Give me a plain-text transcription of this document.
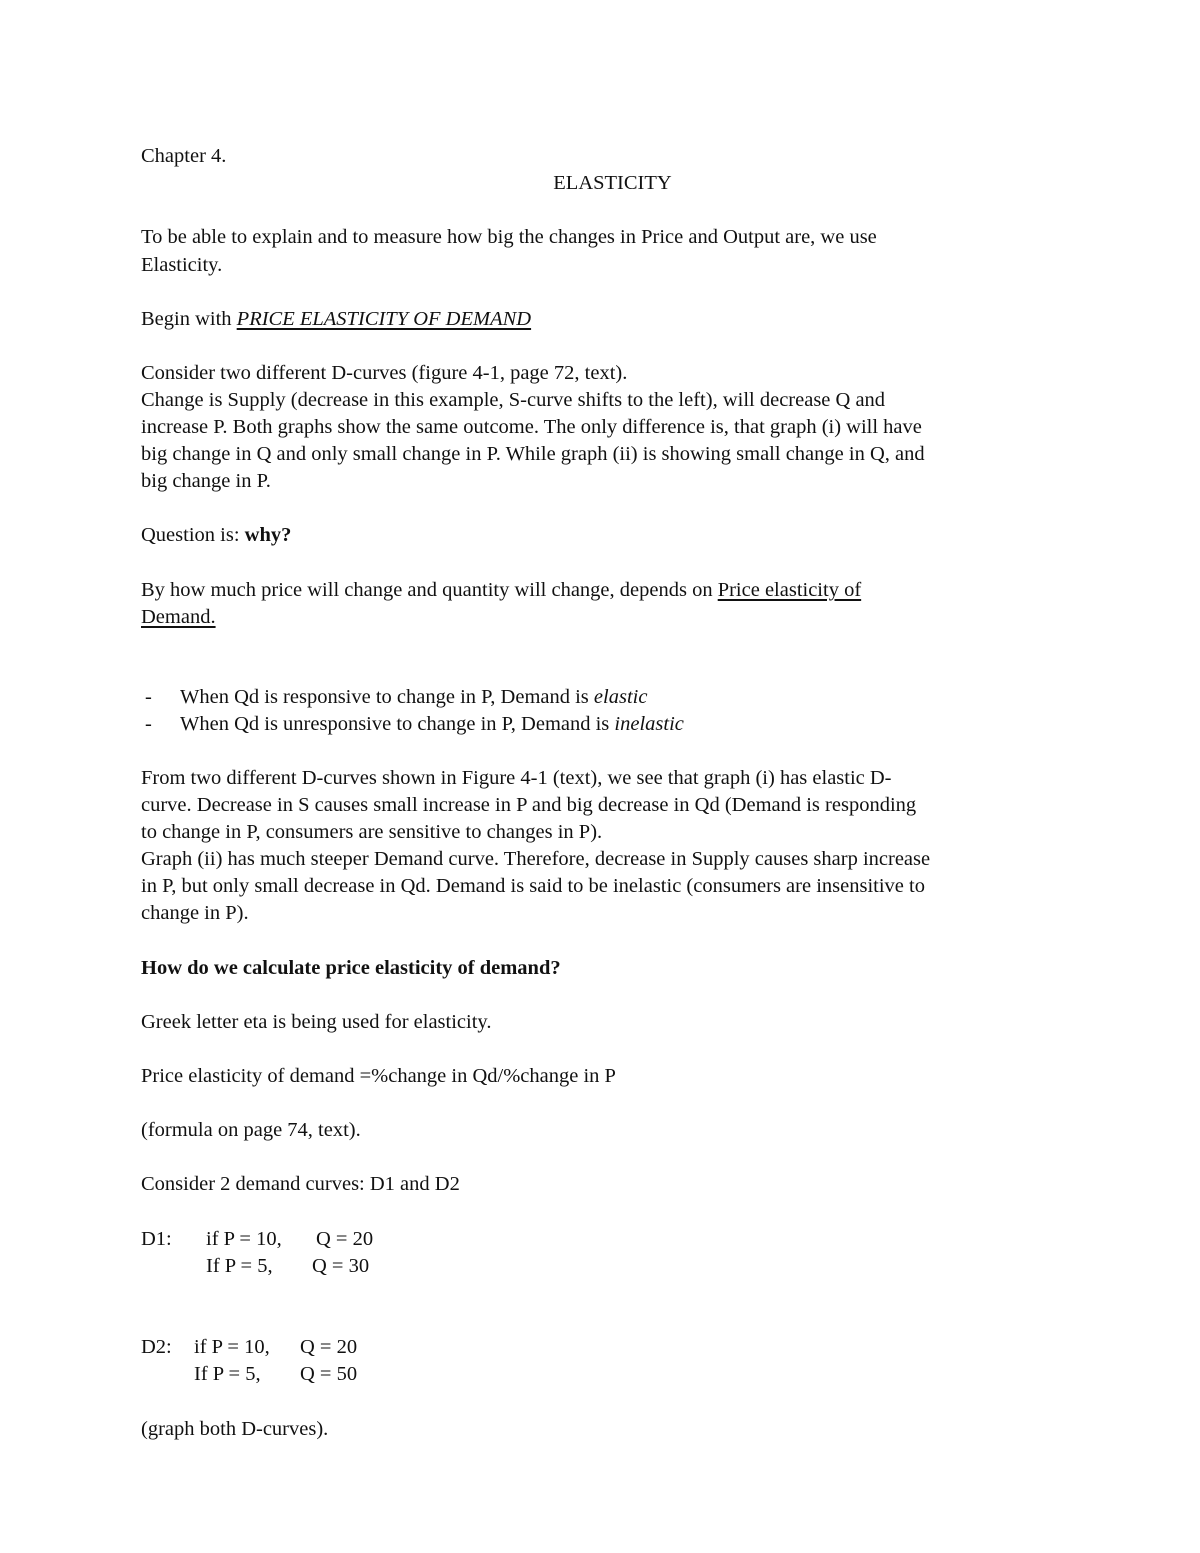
Chapter 4.
ELASTICITY
To be able to explain and to measure how big the changes in Price and Output are, we use
Elasticity.
Begin with PRICE ELASTICITY OF DEMAND
Consider two different D-curves (figure 4-1, page 72, text).
Change is Supply (decrease in this example, S-curve shifts to the left), will decrease Q and
increase P. Both graphs show the same outcome. The only difference is, that graph (i) will have
big change in Q and only small change in P. While graph (ii) is showing small change in Q, and
big change in P.
Question is: why?
By how much price will change and quantity will change, depends on Price elasticity of
Demand.
- When Qd is responsive to change in P, Demand is elastic
- When Qd is unresponsive to change in P, Demand is inelastic
From two different D-curves shown in Figure 4-1 (text), we see that graph (i) has elastic D-
curve. Decrease in S causes small increase in P and big decrease in Qd (Demand is responding
to change in P, consumers are sensitive to changes in P).
Graph (ii) has much steeper Demand curve. Therefore, decrease in Supply causes sharp increase
in P, but only small decrease in Qd. Demand is said to be inelastic (consumers are insensitive to
change in P).
How do we calculate price elasticity of demand?
Greek letter eta is being used for elasticity.
Price elasticity of demand =%change in Qd/%change in P
(formula on page 74, text).
Consider 2 demand curves: D1 and D2
D1: if P = 10, Q = 20
If P = 5, Q = 30
D2: if P = 10, Q = 20
If P = 5, Q = 50
(graph both D-curves).
